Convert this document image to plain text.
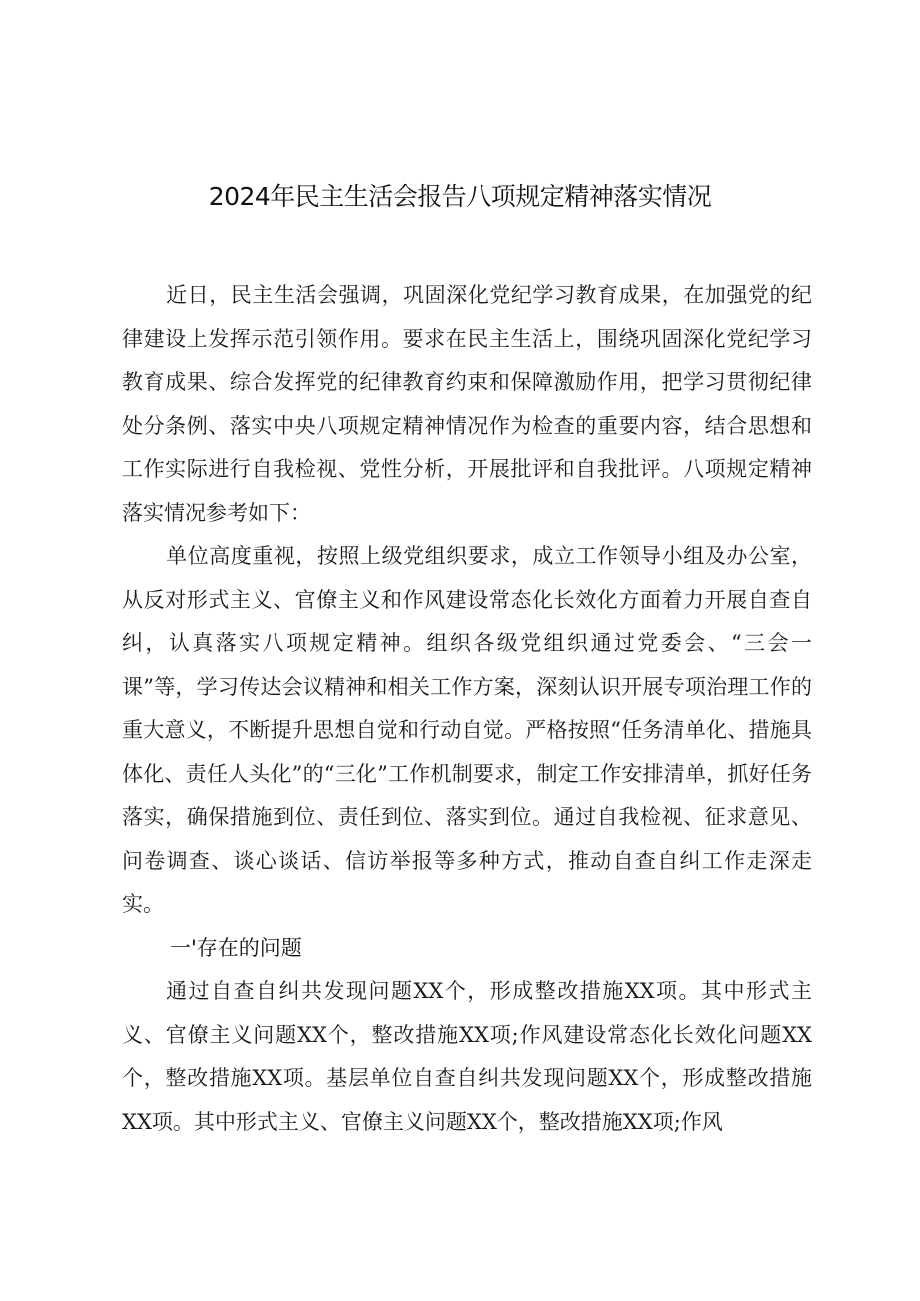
2024年民主生活会报告八项规定精神落实情况

近日，民主生活会强调，巩固深化党纪学习教育成果，在加强党的纪律建设上发挥示范引领作用。要求在民主生活上，围绕巩固深化党纪学习教育成果、综合发挥党的纪律教育约束和保障激励作用，把学习贯彻纪律处分条例、落实中央八项规定精神情况作为检查的重要内容，结合思想和工作实际进行自我检视、党性分析，开展批评和自我批评。八项规定精神落实情况参考如下：

单位高度重视，按照上级党组织要求，成立工作领导小组及办公室，从反对形式主义、官僚主义和作风建设常态化长效化方面着力开展自查自纠，认真落实八项规定精神。组织各级党组织通过党委会、“三会一课”等，学习传达会议精神和相关工作方案，深刻认识开展专项治理工作的重大意义，不断提升思想自觉和行动自觉。严格按照“任务清单化、措施具体化、责任人头化”的“三化”工作机制要求，制定工作安排清单，抓好任务落实，确保措施到位、责任到位、落实到位。通过自我检视、征求意见、问卷调查、谈心谈话、信访举报等多种方式，推动自查自纠工作走深走实。

一'存在的问题

通过自查自纠共发现问题XX个，形成整改措施XX项。其中形式主义、官僚主义问题XX个，整改措施XX项;作风建设常态化长效化问题XX个，整改措施XX项。基层单位自查自纠共发现问题XX个，形成整改措施XX项。其中形式主义、官僚主义问题XX个，整改措施XX项;作风
